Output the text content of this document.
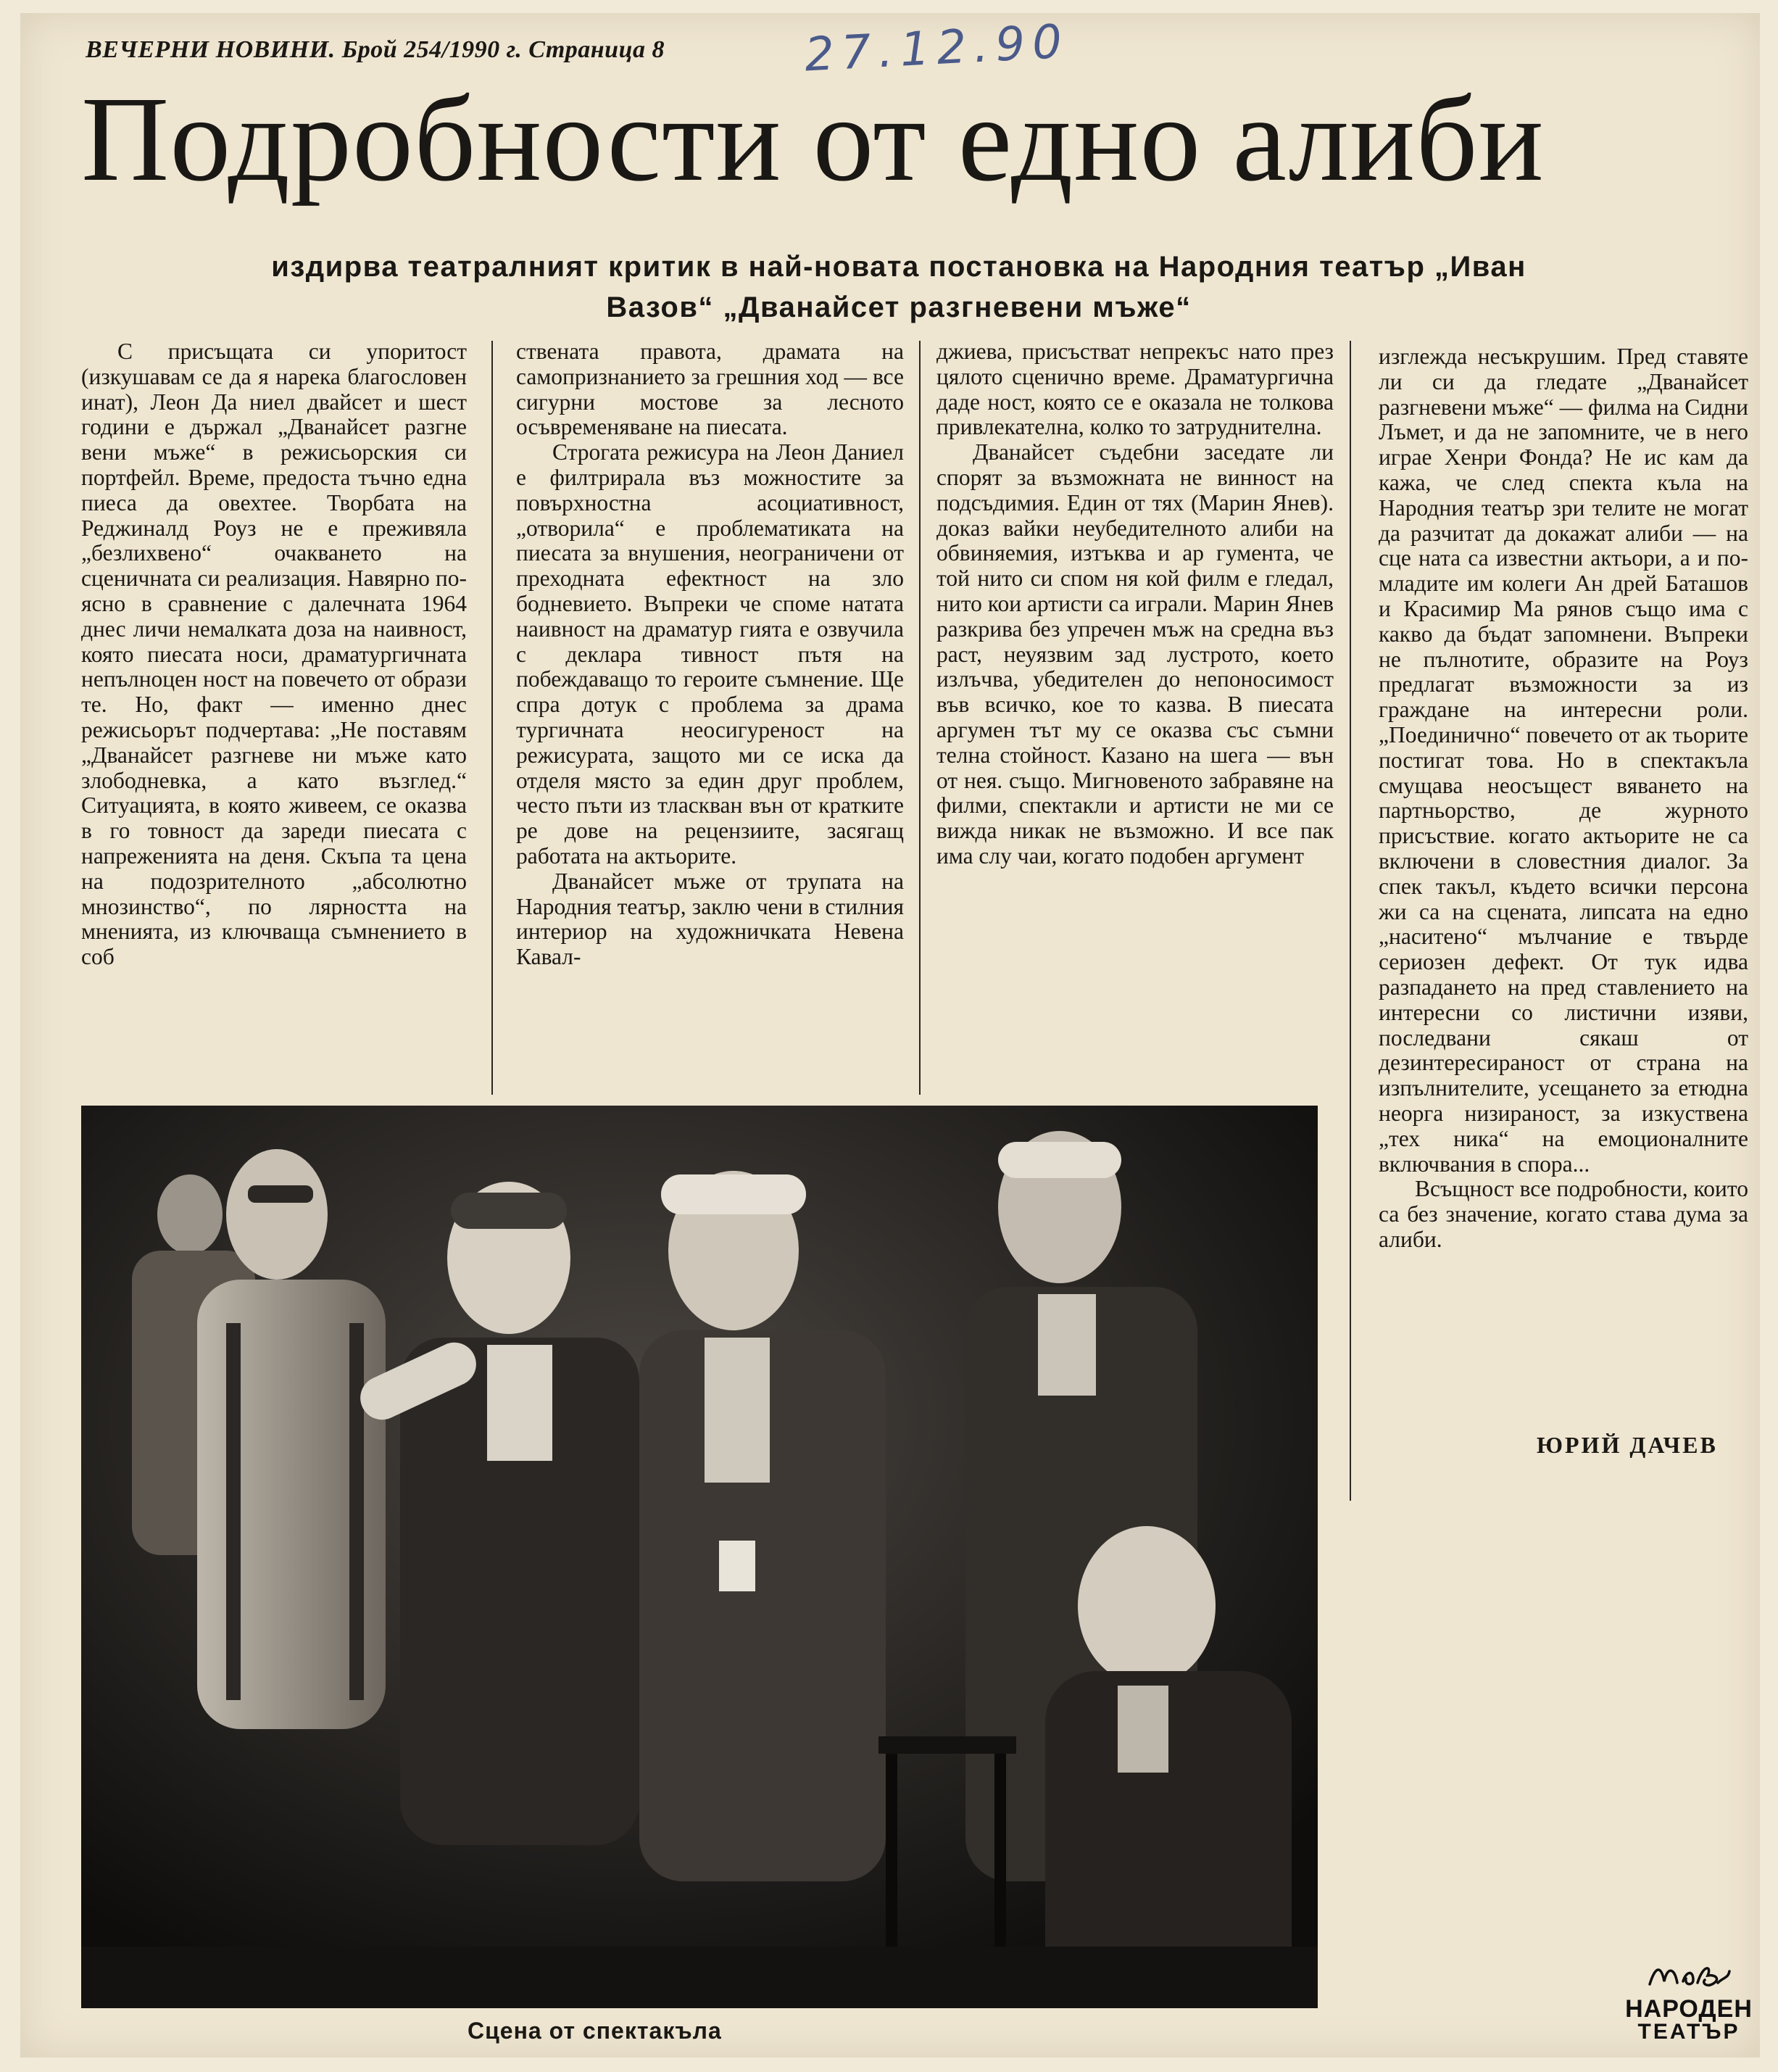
ВЕЧЕРНИ НОВИНИ. Брой 254/1990 г. Страница 8	27.12.90
Подробности от едно алиби
издирва театралният критик в най-новата постановка на Народния театър „Иван
Вазов“ „Дванайсет разгневени мъже“

С присъщата си упоритост (изкушавам се да я нарека благословен инат), Леон Да ниел двайсет и шест години е държал „Дванайсет разгне вени мъже“ в режисьорския си портфейл. Време, предоста тъчно една пиеса да овехтее. Творбата на Реджиналд Роуз не е преживяла „безлихвено“ очакването на сценичната си реализация. Навярно по-ясно в сравнение с далечната 1964 днес личи немалката доза на наивност, която пиесата носи, драматургичната непълноцен ност на повечето от образи те. Но, факт — именно днес режисьорът подчертава: „Не поставям „Дванайсет разгневе ни мъже като злободневка, а като възглед.“ Ситуацията, в която живеем, се оказва в го товност да зареди пиесата с напреженията на деня. Скъпа та цена на подозрителното „абсолютно мнозинство“, по лярността на мненията, из ключваща съмнението в соб

ствената правота, драмата на самопризнанието за грешния ход — все сигурни мостове за лесното осъвременяване на пиесата.

Строгата режисура на Леон Даниел е филтрирала въз можностите за повърхностна асоциативност, „отворила“ е проблематиката на пиесата за внушения, неограничени от преходната ефектност на зло бодневието. Въпреки че споме натата наивност на драматур гията е озвучила с деклара тивност пътя на побеждаващо то героите съмнение. Ще спра дотук с проблема за драма тургичната неосигуреност на режисурата, защото ми се иска да отделя място за един друг проблем, често пъти из тласкван вън от кратките ре дове на рецензиите, засягащ работата на актьорите.

Дванайсет мъже от трупата на Народния театър, заклю чени в стилния интериор на художничката Невена Кавал-

джиева, присъстват непрекъс нато през цялото сценично време. Драматургична даде ност, която се е оказала не толкова привлекателна, колко то затруднителна.

Дванайсет съдебни заседате ли спорят за възможната не винност на подсъдимия. Един от тях (Марин Янев). доказ вайки неубедителното алиби на обвиняемия, изтъква и ар гумента, че той нито си спом ня кой филм е гледал, нито кои артисти са играли. Марин Янев разкрива без упречен мъж на средна въз раст, неуязвим зад лустрото, което излъчва, убедителен до непоносимост във всичко, кое то казва. В пиесата аргумен тът му се оказва със съмни телна стойност. Казано на шега — вън от нея. също. Мигновеното забравяне на филми, спектакли и артисти не ми се вижда никак не възможно. И все пак има слу чаи, когато подобен аргумент

изглежда несъкрушим. Пред ставяте ли си да гледате „Дванайсет разгневени мъже“ — филма на Сидни Лъмет, и да не запомните, че в него играе Хенри Фонда? Не ис кам да кажа, че след спекта къла на Народния театър зри телите не могат да разчитат да докажат алиби — на сце ната са известни актьори, а и по-младите им колеги Ан дрей Баташов и Красимир Ма рянов също има с какво да бъдат запомнени. Въпреки не пълнотите, образите на Роуз предлагат възможности за из граждане на интересни роли. „Поединично“ повечето от ак тьорите постигат това. Но в спектакъла смущава неосъщест вяването на партньорство, де журното присъствие. когато актьорите не са включени в словестния диалог. За спек такъл, където всички персона жи са на сцената, липсата на едно „наситено“ мълчание е твърде сериозен дефект. От тук идва разпадането на пред ставлението на интересни со листични изяви, последвани сякаш от дезинтересираност от страна на изпълнителите, усещането за етюдна неорга низираност, за изкуствена „тех ника“ на емоционалните включвания в спора...

Всъщност все подробности, които са без значение, когато става дума за алиби.

ЮРИЙ ДАЧЕВ
Сцена от спектакъла
НАРОДЕН
ТЕАТЪР
